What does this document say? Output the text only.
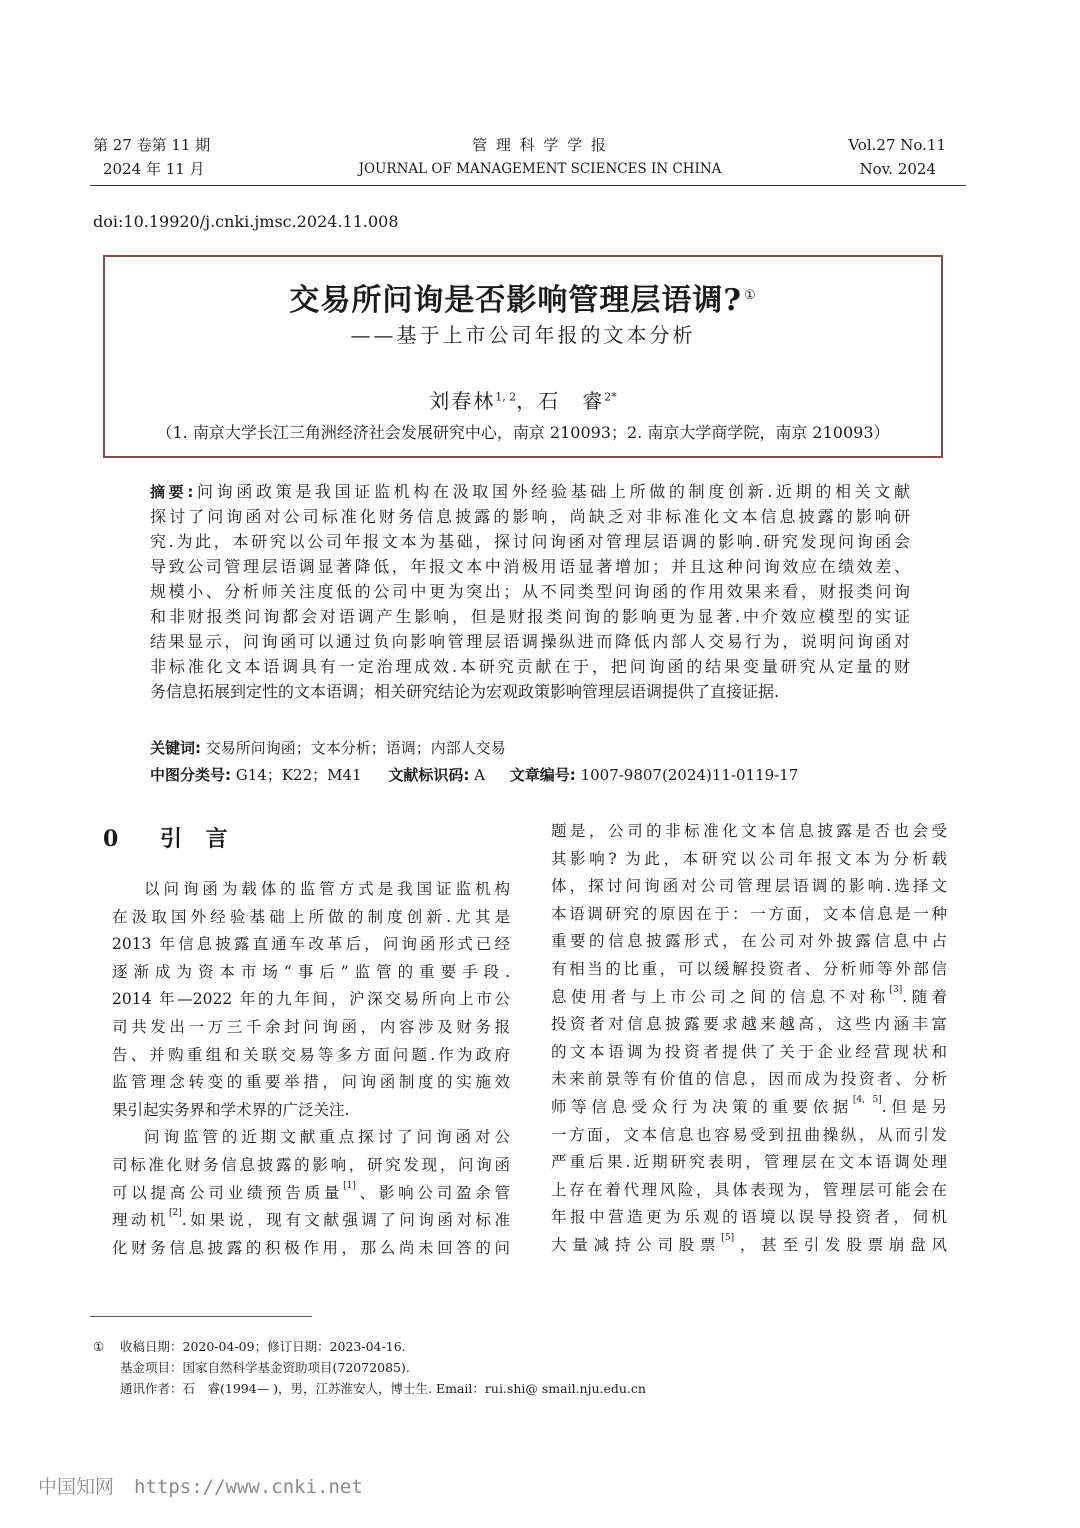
第 27 卷第 11 期
2024 年 11 月
管 理 科 学 学 报
JOURNAL OF MANAGEMENT SCIENCES IN CHINA
Vol.27 No.11
Nov. 2024
doi:10.19920/j.cnki.jmsc.2024.11.008
交易所问询是否影响管理层语调? ①
——基于上市公司年报的文本分析
刘春林$^{1, 2}$，石　睿$^{2*}$
（1. 南京大学长江三角洲经济社会发展研究中心，南京 210093；2. 南京大学商学院，南京 210093）
摘要:问询函政策是我国证监机构在汲取国外经验基础上所做的制度创新.近期的相关文献
探讨了问询函对公司标准化财务信息披露的影响，尚缺乏对非标准化文本信息披露的影响研
究.为此，本研究以公司年报文本为基础，探讨问询函对管理层语调的影响.研究发现问询函会
导致公司管理层语调显著降低，年报文本中消极用语显著增加；并且这种问询效应在绩效差、
规模小、分析师关注度低的公司中更为突出；从不同类型问询函的作用效果来看，财报类问询
和非财报类问询都会对语调产生影响，但是财报类问询的影响更为显著.中介效应模型的实证
结果显示，问询函可以通过负向影响管理层语调操纵进而降低内部人交易行为，说明问询函对
非标准化文本语调具有一定治理成效.本研究贡献在于，把问询函的结果变量研究从定量的财
务信息拓展到定性的文本语调；相关研究结论为宏观政策影响管理层语调提供了直接证据.
关键词: 交易所问询函；文本分析；语调；内部人交易
中图分类号: G14；K22；M41 文献标识码: A 文章编号: 1007-9807(2024)11-0119-17
0 引 言
以问询函为载体的监管方式是我国证监机构
在汲取国外经验基础上所做的制度创新.尤其是
2013 年信息披露直通车改革后，问询函形式已经
逐渐成为资本市场“事后”监管的重要手段.
2014 年—2022 年的九年间，沪深交易所向上市公
司共发出一万三千余封问询函，内容涉及财务报
告、并购重组和关联交易等多方面问题.作为政府
监管理念转变的重要举措，问询函制度的实施效
果引起实务界和学术界的广泛关注.
问询监管的近期文献重点探讨了问询函对公
司标准化财务信息披露的影响，研究发现，问询函
可以提高公司业绩预告质量[1]、影响公司盈余管
理动机[2].如果说，现有文献强调了问询函对标准
化财务信息披露的积极作用，那么尚未回答的问
题是，公司的非标准化文本信息披露是否也会受
其影响? 为此，本研究以公司年报文本为分析载
体，探讨问询函对公司管理层语调的影响.选择文
本语调研究的原因在于：一方面，文本信息是一种
重要的信息披露形式，在公司对外披露信息中占
有相当的比重，可以缓解投资者、分析师等外部信
息使用者与上市公司之间的信息不对称[3].随着
投资者对信息披露要求越来越高，这些内涵丰富
的文本语调为投资者提供了关于企业经营现状和
未来前景等有价值的信息，因而成为投资者、分析
师等信息受众行为决策的重要依据[4, 5].但是另
一方面，文本信息也容易受到扭曲操纵，从而引发
严重后果.近期研究表明，管理层在文本语调处理
上存在着代理风险，具体表现为，管理层可能会在
年报中营造更为乐观的语境以误导投资者，伺机
大量减持公司股票[5]，甚至引发股票崩盘风
① 收稿日期：2020-04-09；修订日期：2023-04-16.
基金项目：国家自然科学基金资助项目(72072085).
通讯作者：石　睿(1994— )，男，江苏淮安人，博士生. Email：rui.shi@ smail.nju.edu.cn
中国知网 https://www.cnki.net
